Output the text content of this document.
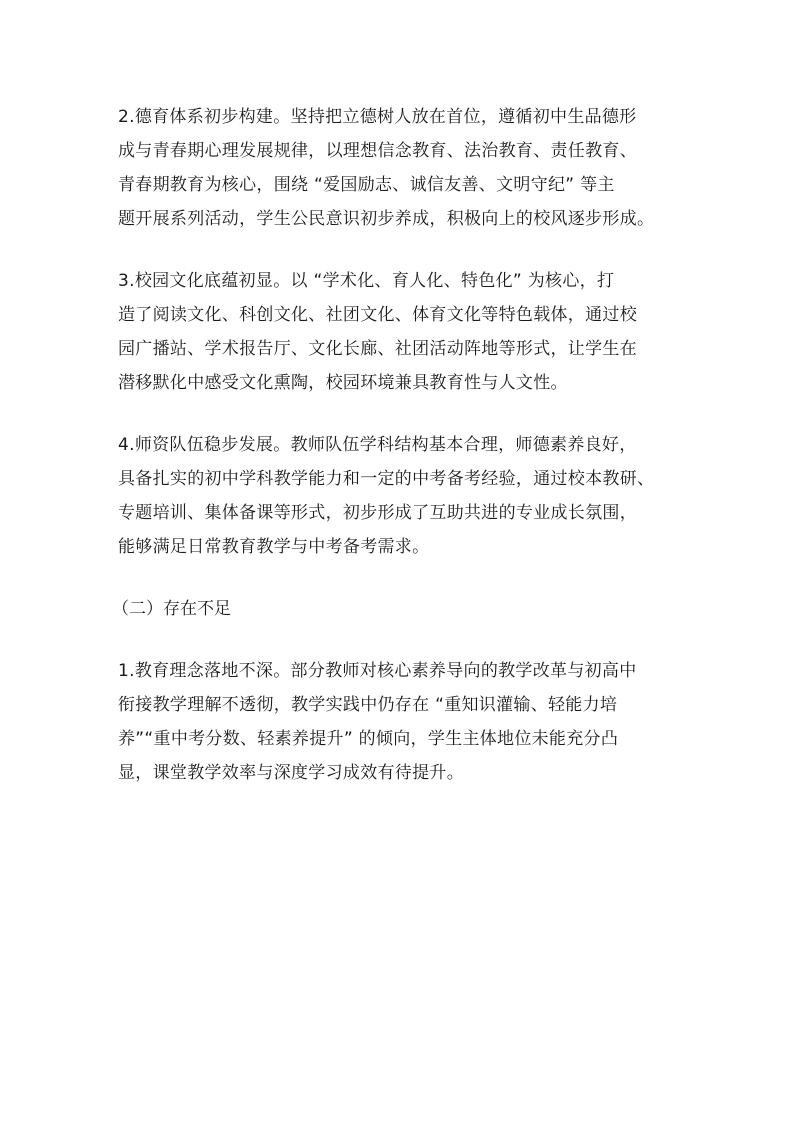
2.德育体系初步构建。坚持把立德树人放在首位，遵循初中生品德形
成与青春期心理发展规律，以理想信念教育、法治教育、责任教育、
青春期教育为核心，围绕 “爱国励志、诚信友善、文明守纪” 等主
题开展系列活动，学生公民意识初步养成，积极向上的校风逐步形成。
3.校园文化底蕴初显。以 “学术化、育人化、特色化” 为核心，打
造了阅读文化、科创文化、社团文化、体育文化等特色载体，通过校
园广播站、学术报告厅、文化长廊、社团活动阵地等形式，让学生在
潜移默化中感受文化熏陶，校园环境兼具教育性与人文性。
4.师资队伍稳步发展。教师队伍学科结构基本合理，师德素养良好，
具备扎实的初中学科教学能力和一定的中考备考经验，通过校本教研、
专题培训、集体备课等形式，初步形成了互助共进的专业成长氛围，
能够满足日常教育教学与中考备考需求。
（二）存在不足
1.教育理念落地不深。部分教师对核心素养导向的教学改革与初高中
衔接教学理解不透彻，教学实践中仍存在 “重知识灌输、轻能力培
养”“重中考分数、轻素养提升” 的倾向，学生主体地位未能充分凸
显，课堂教学效率与深度学习成效有待提升。
